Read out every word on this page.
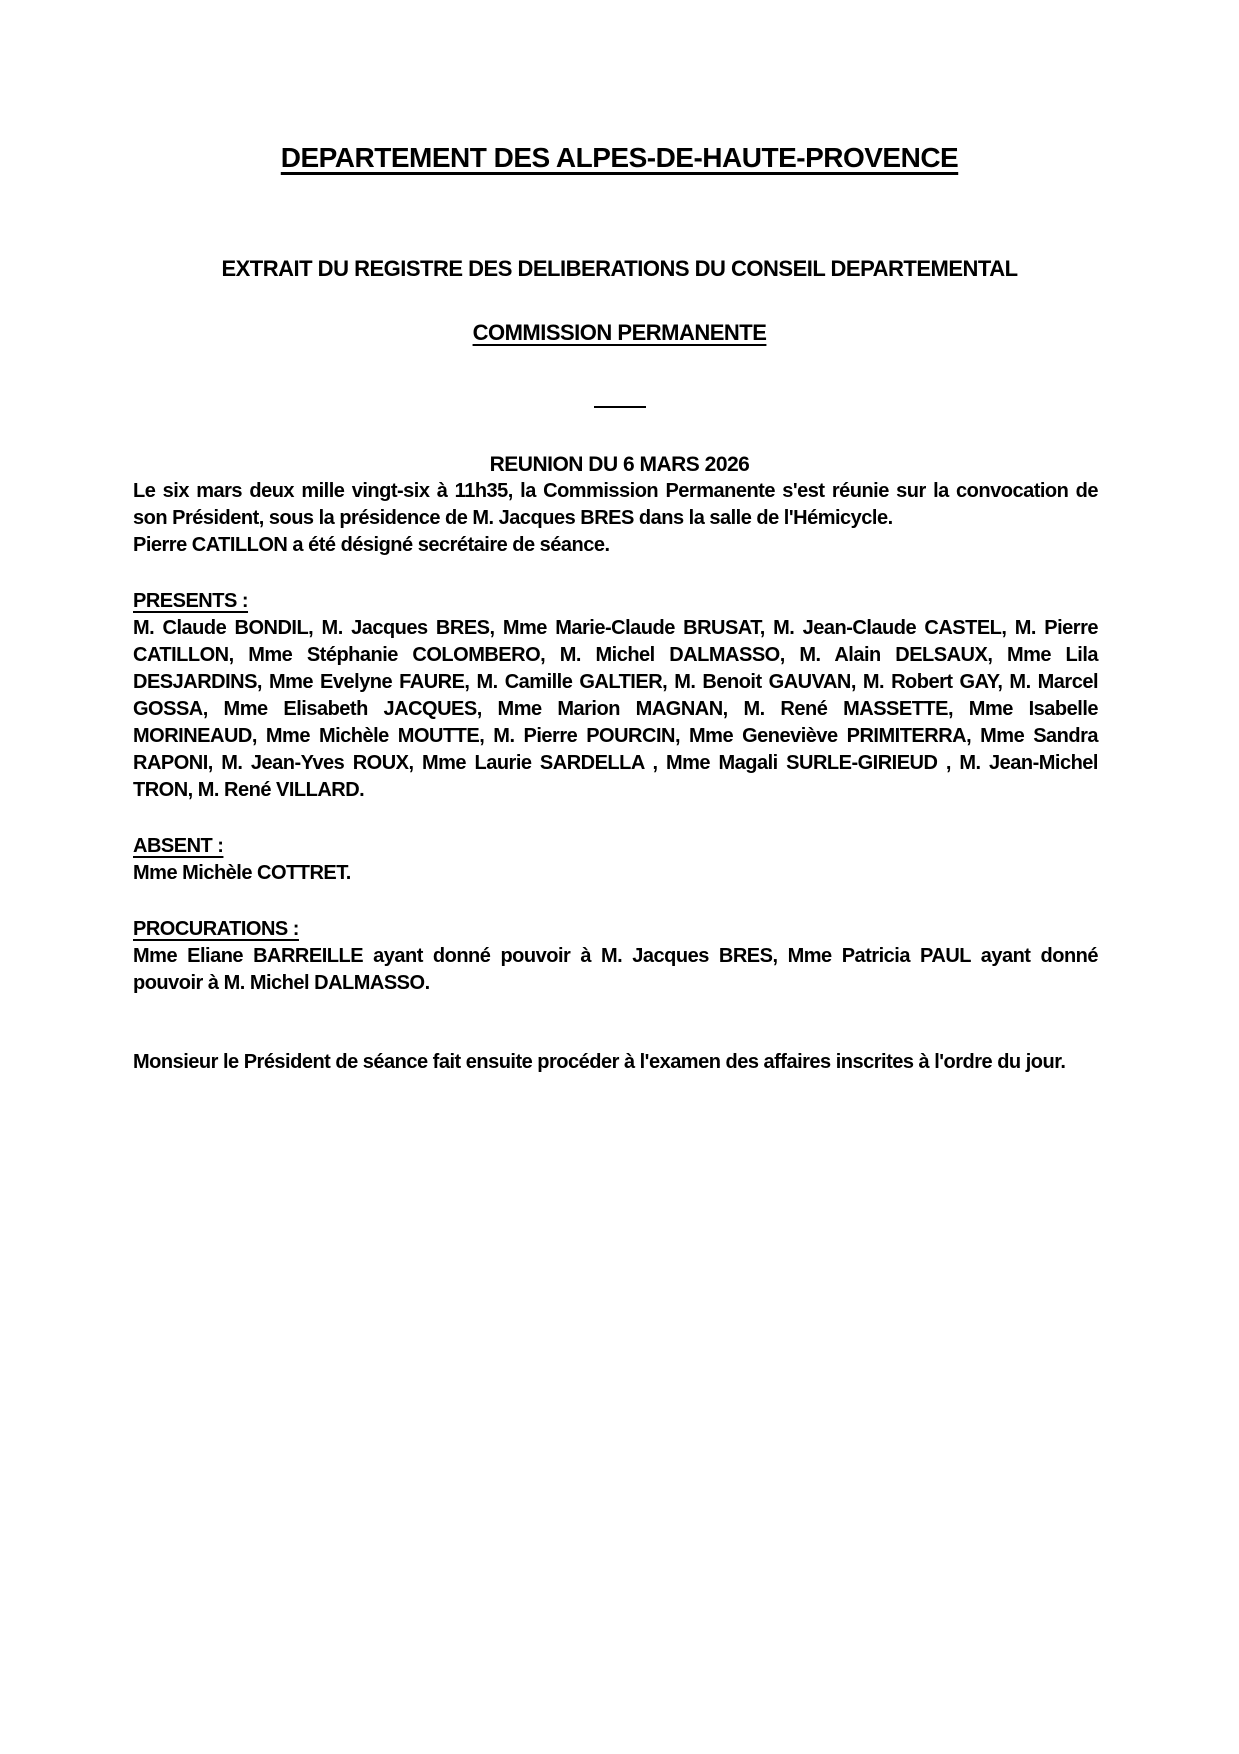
DEPARTEMENT DES ALPES-DE-HAUTE-PROVENCE
EXTRAIT DU REGISTRE DES DELIBERATIONS DU CONSEIL DEPARTEMENTAL
COMMISSION PERMANENTE
REUNION DU 6 MARS 2026

Le six mars deux mille vingt-six à 11h35, la Commission Permanente s'est réunie sur la convocation de son Président, sous la présidence de M. Jacques BRES dans la salle de l'Hémicycle.

Pierre CATILLON a été désigné secrétaire de séance.

PRESENTS :

M. Claude BONDIL, M. Jacques BRES, Mme Marie-Claude BRUSAT, M. Jean-Claude CASTEL, M. Pierre CATILLON, Mme Stéphanie COLOMBERO, M. Michel DALMASSO, M. Alain DELSAUX, Mme Lila DESJARDINS, Mme Evelyne FAURE, M. Camille GALTIER, M. Benoit GAUVAN, M. Robert GAY, M. Marcel GOSSA, Mme Elisabeth JACQUES, Mme Marion MAGNAN, M. René MASSETTE, Mme Isabelle MORINEAUD, Mme Michèle MOUTTE, M. Pierre POURCIN, Mme Geneviève PRIMITERRA, Mme Sandra RAPONI, M. Jean-Yves ROUX, Mme Laurie SARDELLA , Mme Magali SURLE-GIRIEUD , M. Jean-Michel TRON, M. René VILLARD.

ABSENT :

Mme Michèle COTTRET.

PROCURATIONS :

Mme Eliane BARREILLE ayant donné pouvoir à M. Jacques BRES, Mme Patricia PAUL ayant donné pouvoir à M. Michel DALMASSO.

Monsieur le Président de séance fait ensuite procéder à l'examen des affaires inscrites à l'ordre du jour.
